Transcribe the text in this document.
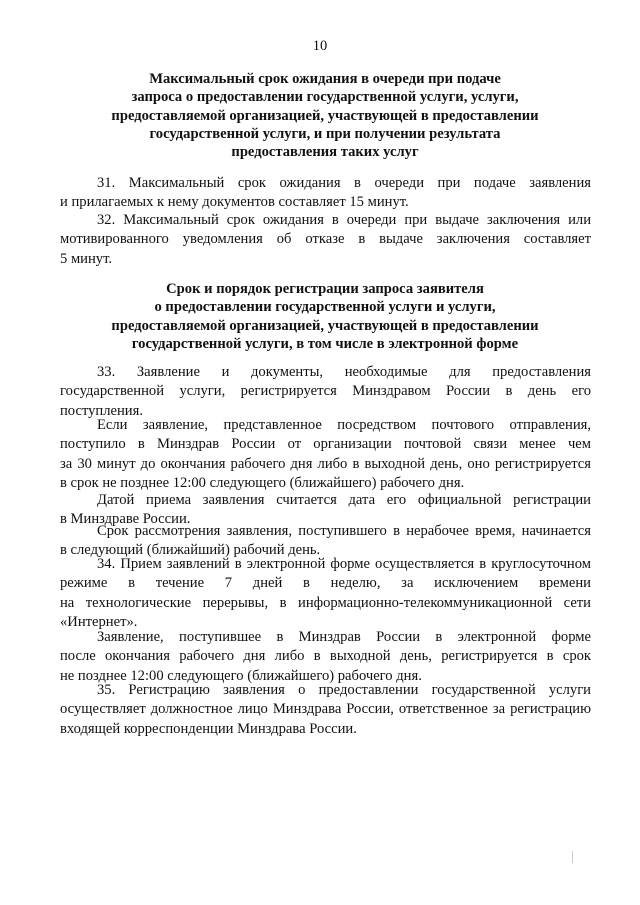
10
Максимальный срок ожидания в очереди при подаче
запроса о предоставлении государственной услуги, услуги,
предоставляемой организацией, участвующей в предоставлении
государственной услуги, и при получении результата
предоставления таких услуг
31. Максимальный срок ожидания в очереди при подаче заявления
и прилагаемых к нему документов составляет 15 минут.
32. Максимальный срок ожидания в очереди при выдаче заключения или
мотивированного уведомления об отказе в выдаче заключения составляет
5 минут.
Срок и порядок регистрации запроса заявителя
о предоставлении государственной услуги и услуги,
предоставляемой организацией, участвующей в предоставлении
государственной услуги, в том числе в электронной форме
33. Заявление и документы, необходимые для предоставления
государственной услуги, регистрируется Минздравом России в день его
поступления.
Если заявление, представленное посредством почтового отправления,
поступило в Минздрав России от организации почтовой связи менее чем
за 30 минут до окончания рабочего дня либо в выходной день, оно регистрируется
в срок не позднее 12:00 следующего (ближайшего) рабочего дня.
Датой приема заявления считается дата его официальной регистрации
в Минздраве России.
Срок рассмотрения заявления, поступившего в нерабочее время, начинается
в следующий (ближайший) рабочий день.
34. Прием заявлений в электронной форме осуществляется в круглосуточном
режиме в течение 7 дней в неделю, за исключением времени
на технологические перерывы, в информационно-телекоммуникационной сети
«Интернет».
Заявление, поступившее в Минздрав России в электронной форме
после окончания рабочего дня либо в выходной день, регистрируется в срок
не позднее 12:00 следующего (ближайшего) рабочего дня.
35. Регистрацию заявления о предоставлении государственной услуги
осуществляет должностное лицо Минздрава России, ответственное за регистрацию
входящей корреспонденции Минздрава России.
